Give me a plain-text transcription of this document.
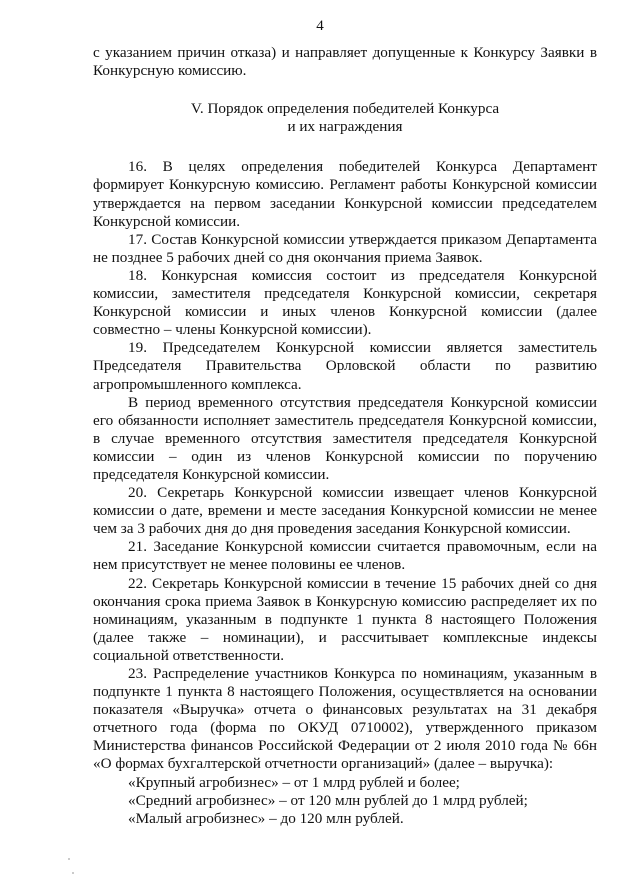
4

с указанием причин отказа) и направляет допущенные к Конкурсу Заявки в Конкурсную комиссию.

V. Порядок определения победителей Конкурса
и их награждения

16. В целях определения победителей Конкурса Департамент формирует Конкурсную комиссию. Регламент работы Конкурсной комиссии утверждается на первом заседании Конкурсной комиссии председателем Конкурсной комиссии.

17. Состав Конкурсной комиссии утверждается приказом Департамента не позднее 5 рабочих дней со дня окончания приема Заявок.

18. Конкурсная комиссия состоит из председателя Конкурсной комиссии, заместителя председателя Конкурсной комиссии, секретаря Конкурсной комиссии и иных членов Конкурсной комиссии (далее совместно – члены Конкурсной комиссии).

19. Председателем Конкурсной комиссии является заместитель Председателя Правительства Орловской области по развитию агропромышленного комплекса.

В период временного отсутствия председателя Конкурсной комиссии его обязанности исполняет заместитель председателя Конкурсной комиссии, в случае временного отсутствия заместителя председателя Конкурсной комиссии – один из членов Конкурсной комиссии по поручению председателя Конкурсной комиссии.

20. Секретарь Конкурсной комиссии извещает членов Конкурсной комиссии о дате, времени и месте заседания Конкурсной комиссии не менее чем за 3 рабочих дня до дня проведения заседания Конкурсной комиссии.

21. Заседание Конкурсной комиссии считается правомочным, если на нем присутствует не менее половины ее членов.

22. Секретарь Конкурсной комиссии в течение 15 рабочих дней со дня окончания срока приема Заявок в Конкурсную комиссию распределяет их по номинациям, указанным в подпункте 1 пункта 8 настоящего Положения (далее также – номинации), и рассчитывает комплексные индексы социальной ответственности.

23. Распределение участников Конкурса по номинациям, указанным в подпункте 1 пункта 8 настоящего Положения, осуществляется на основании показателя «Выручка» отчета о финансовых результатах на 31 декабря отчетного года (форма по ОКУД 0710002), утвержденного приказом Министерства финансов Российской Федерации от 2 июля 2010 года № 66н «О формах бухгалтерской отчетности организаций» (далее – выручка):

«Крупный агробизнес» – от 1 млрд рублей и более;

«Средний агробизнес» – от 120 млн рублей до 1 млрд рублей;

«Малый агробизнес» – до 120 млн рублей.
